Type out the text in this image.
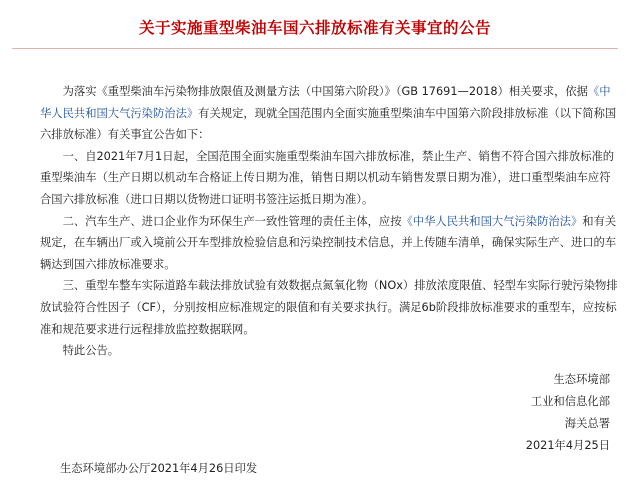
关于实施重型柴油车国六排放标准有关事宜的公告

为落实《重型柴油车污染物排放限值及测量方法（中国第六阶段）》（GB 17691—2018）相关要求，依据《中华人民共和国大气污染防治法》有关规定，现就全国范围内全面实施重型柴油车中国第六阶段排放标准（以下简称国六排放标准）有关事宜公告如下：

一、自2021年7月1日起，全国范围全面实施重型柴油车国六排放标准，禁止生产、销售不符合国六排放标准的重型柴油车（生产日期以机动车合格证上传日期为准，销售日期以机动车销售发票日期为准），进口重型柴油车应符合国六排放标准（进口日期以货物进口证明书签注运抵日期为准）。

二、汽车生产、进口企业作为环保生产一致性管理的责任主体，应按《中华人民共和国大气污染防治法》和有关规定，在车辆出厂或入境前公开车型排放检验信息和污染控制技术信息，并上传随车清单，确保实际生产、进口的车辆达到国六排放标准要求。

三、重型车整车实际道路车载法排放试验有效数据点氮氧化物（NOx）排放浓度限值、轻型车实际行驶污染物排放试验符合性因子（CF），分别按相应标准规定的限值和有关要求执行。满足6b阶段排放标准要求的重型车，应按标准和规范要求进行远程排放监控数据联网。

特此公告。

生态环境部
工业和信息化部
海关总署
2021年4月25日
生态环境部办公厅2021年4月26日印发
